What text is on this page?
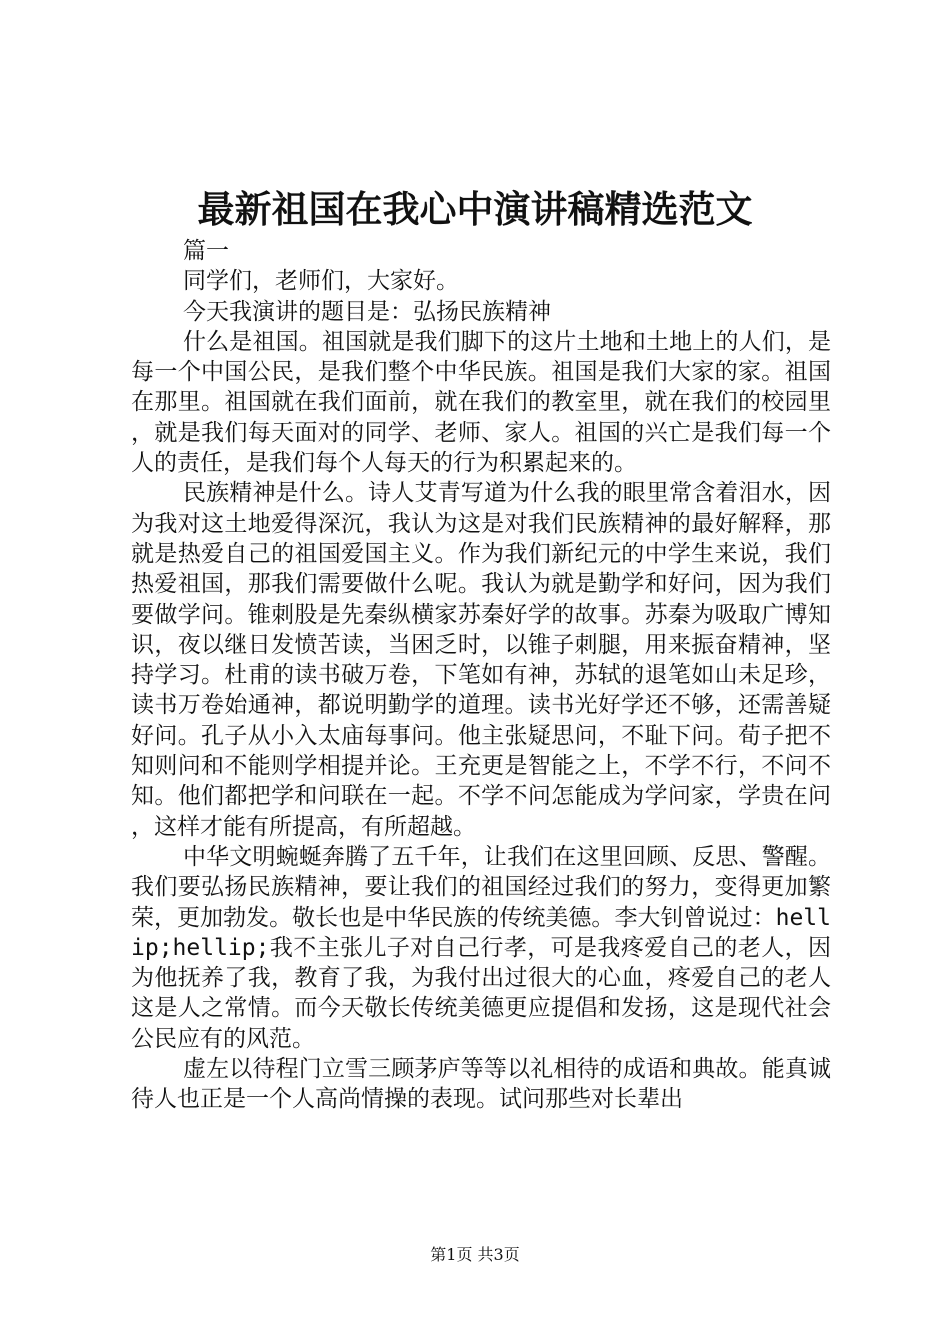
最新祖国在我心中演讲稿精选范文

篇一

同学们，老师们，大家好。

今天我演讲的题目是：弘扬民族精神

什么是祖国。祖国就是我们脚下的这片土地和土地上的人们，是每一个中国公民，是我们整个中华民族。祖国是我们大家的家。祖国在那里。祖国就在我们面前，就在我们的教室里，就在我们的校园里，就是我们每天面对的同学、老师、家人。祖国的兴亡是我们每一个人的责任，是我们每个人每天的行为积累起来的。

民族精神是什么。诗人艾青写道为什么我的眼里常含着泪水，因为我对这土地爱得深沉，我认为这是对我们民族精神的最好解释，那就是热爱自己的祖国爱国主义。作为我们新纪元的中学生来说，我们热爱祖国，那我们需要做什么呢。我认为就是勤学和好问，因为我们要做学问。锥刺股是先秦纵横家苏秦好学的故事。苏秦为吸取广博知识，夜以继日发愤苦读，当困乏时，以锥子刺腿，用来振奋精神，坚持学习。杜甫的读书破万卷，下笔如有神，苏轼的退笔如山未足珍，读书万卷始通神，都说明勤学的道理。读书光好学还不够，还需善疑好问。孔子从小入太庙每事问。他主张疑思问，不耻下问。荀子把不知则问和不能则学相提并论。王充更是智能之上，不学不行，不问不知。他们都把学和问联在一起。不学不问怎能成为学问家，学贵在问，这样才能有所提高，有所超越。

中华文明蜿蜒奔腾了五千年，让我们在这里回顾、反思、警醒。我们要弘扬民族精神，要让我们的祖国经过我们的努力，变得更加繁荣，更加勃发。敬长也是中华民族的传统美德。李大钊曾说过：hellip;hellip;我不主张儿子对自己行孝，可是我疼爱自己的老人，因为他抚养了我，教育了我，为我付出过很大的心血，疼爱自己的老人这是人之常情。而今天敬长传统美德更应提倡和发扬，这是现代社会公民应有的风范。

虚左以待程门立雪三顾茅庐等等以礼相待的成语和典故。能真诚待人也正是一个人高尚情操的表现。试问那些对长辈出

第1页 共3页
